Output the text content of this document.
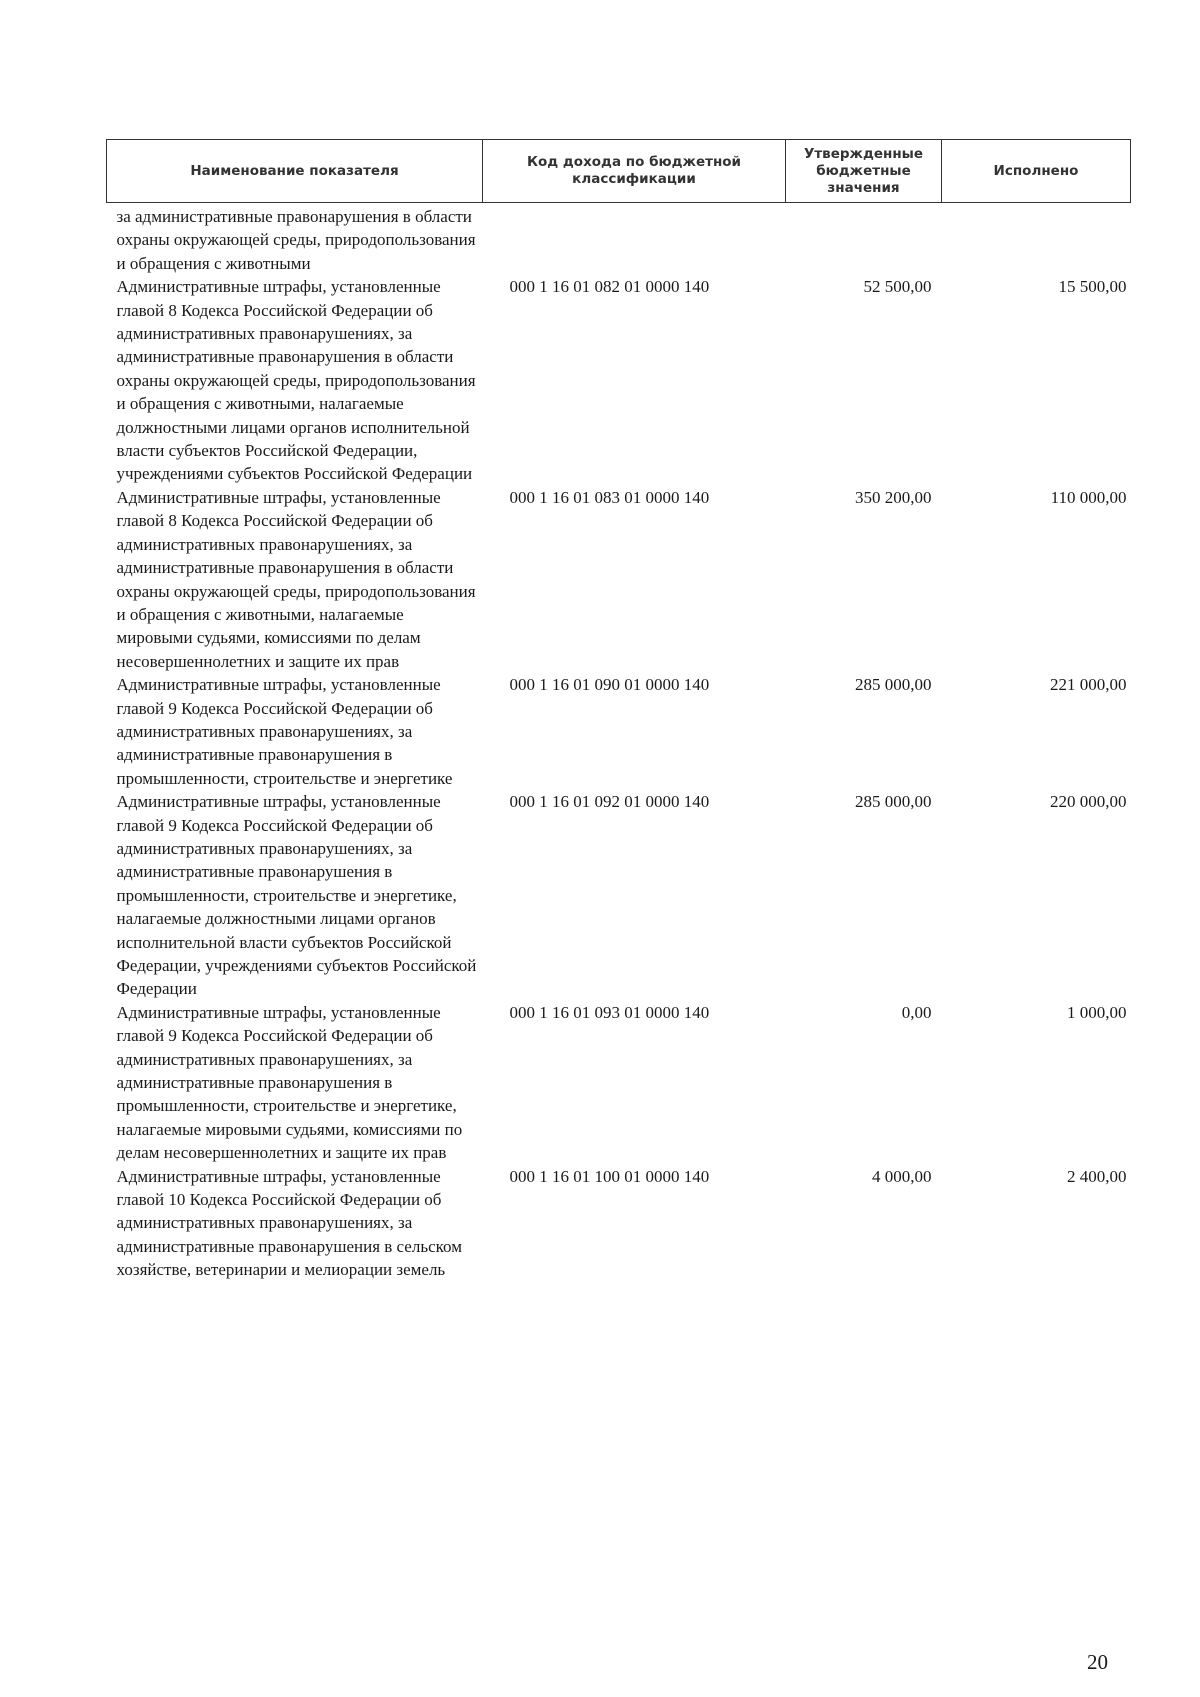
Наименование показателя	Код дохода по бюджетной классификации	Утвержденные бюджетные значения	Исполнено
за административные правонарушения в области охраны окружающей среды, природопользования и обращения с животными			
Административные штрафы, установленные главой 8 Кодекса Российской Федерации об административных правонарушениях, за административные правонарушения в области охраны окружающей среды, природопользования и обращения с животными, налагаемые должностными лицами органов исполнительной власти субъектов Российской Федерации, учреждениями субъектов Российской Федерации	000 1 16 01 082 01 0000 140	52 500,00	15 500,00
Административные штрафы, установленные главой 8 Кодекса Российской Федерации об административных правонарушениях, за административные правонарушения в области охраны окружающей среды, природопользования и обращения с животными, налагаемые мировыми судьями, комиссиями по делам несовершеннолетних и защите их прав	000 1 16 01 083 01 0000 140	350 200,00	110 000,00
Административные штрафы, установленные главой 9 Кодекса Российской Федерации об административных правонарушениях, за административные правонарушения в промышленности, строительстве и энергетике	000 1 16 01 090 01 0000 140	285 000,00	221 000,00
Административные штрафы, установленные главой 9 Кодекса Российской Федерации об административных правонарушениях, за административные правонарушения в промышленности, строительстве и энергетике, налагаемые должностными лицами органов исполнительной власти субъектов Российской Федерации, учреждениями субъектов Российской Федерации	000 1 16 01 092 01 0000 140	285 000,00	220 000,00
Административные штрафы, установленные главой 9 Кодекса Российской Федерации об административных правонарушениях, за административные правонарушения в промышленности, строительстве и энергетике, налагаемые мировыми судьями, комиссиями по делам несовершеннолетних и защите их прав	000 1 16 01 093 01 0000 140	0,00	1 000,00
Административные штрафы, установленные главой 10 Кодекса Российской Федерации об административных правонарушениях, за административные правонарушения в сельском хозяйстве, ветеринарии и мелиорации земель	000 1 16 01 100 01 0000 140	4 000,00	2 400,00
20
